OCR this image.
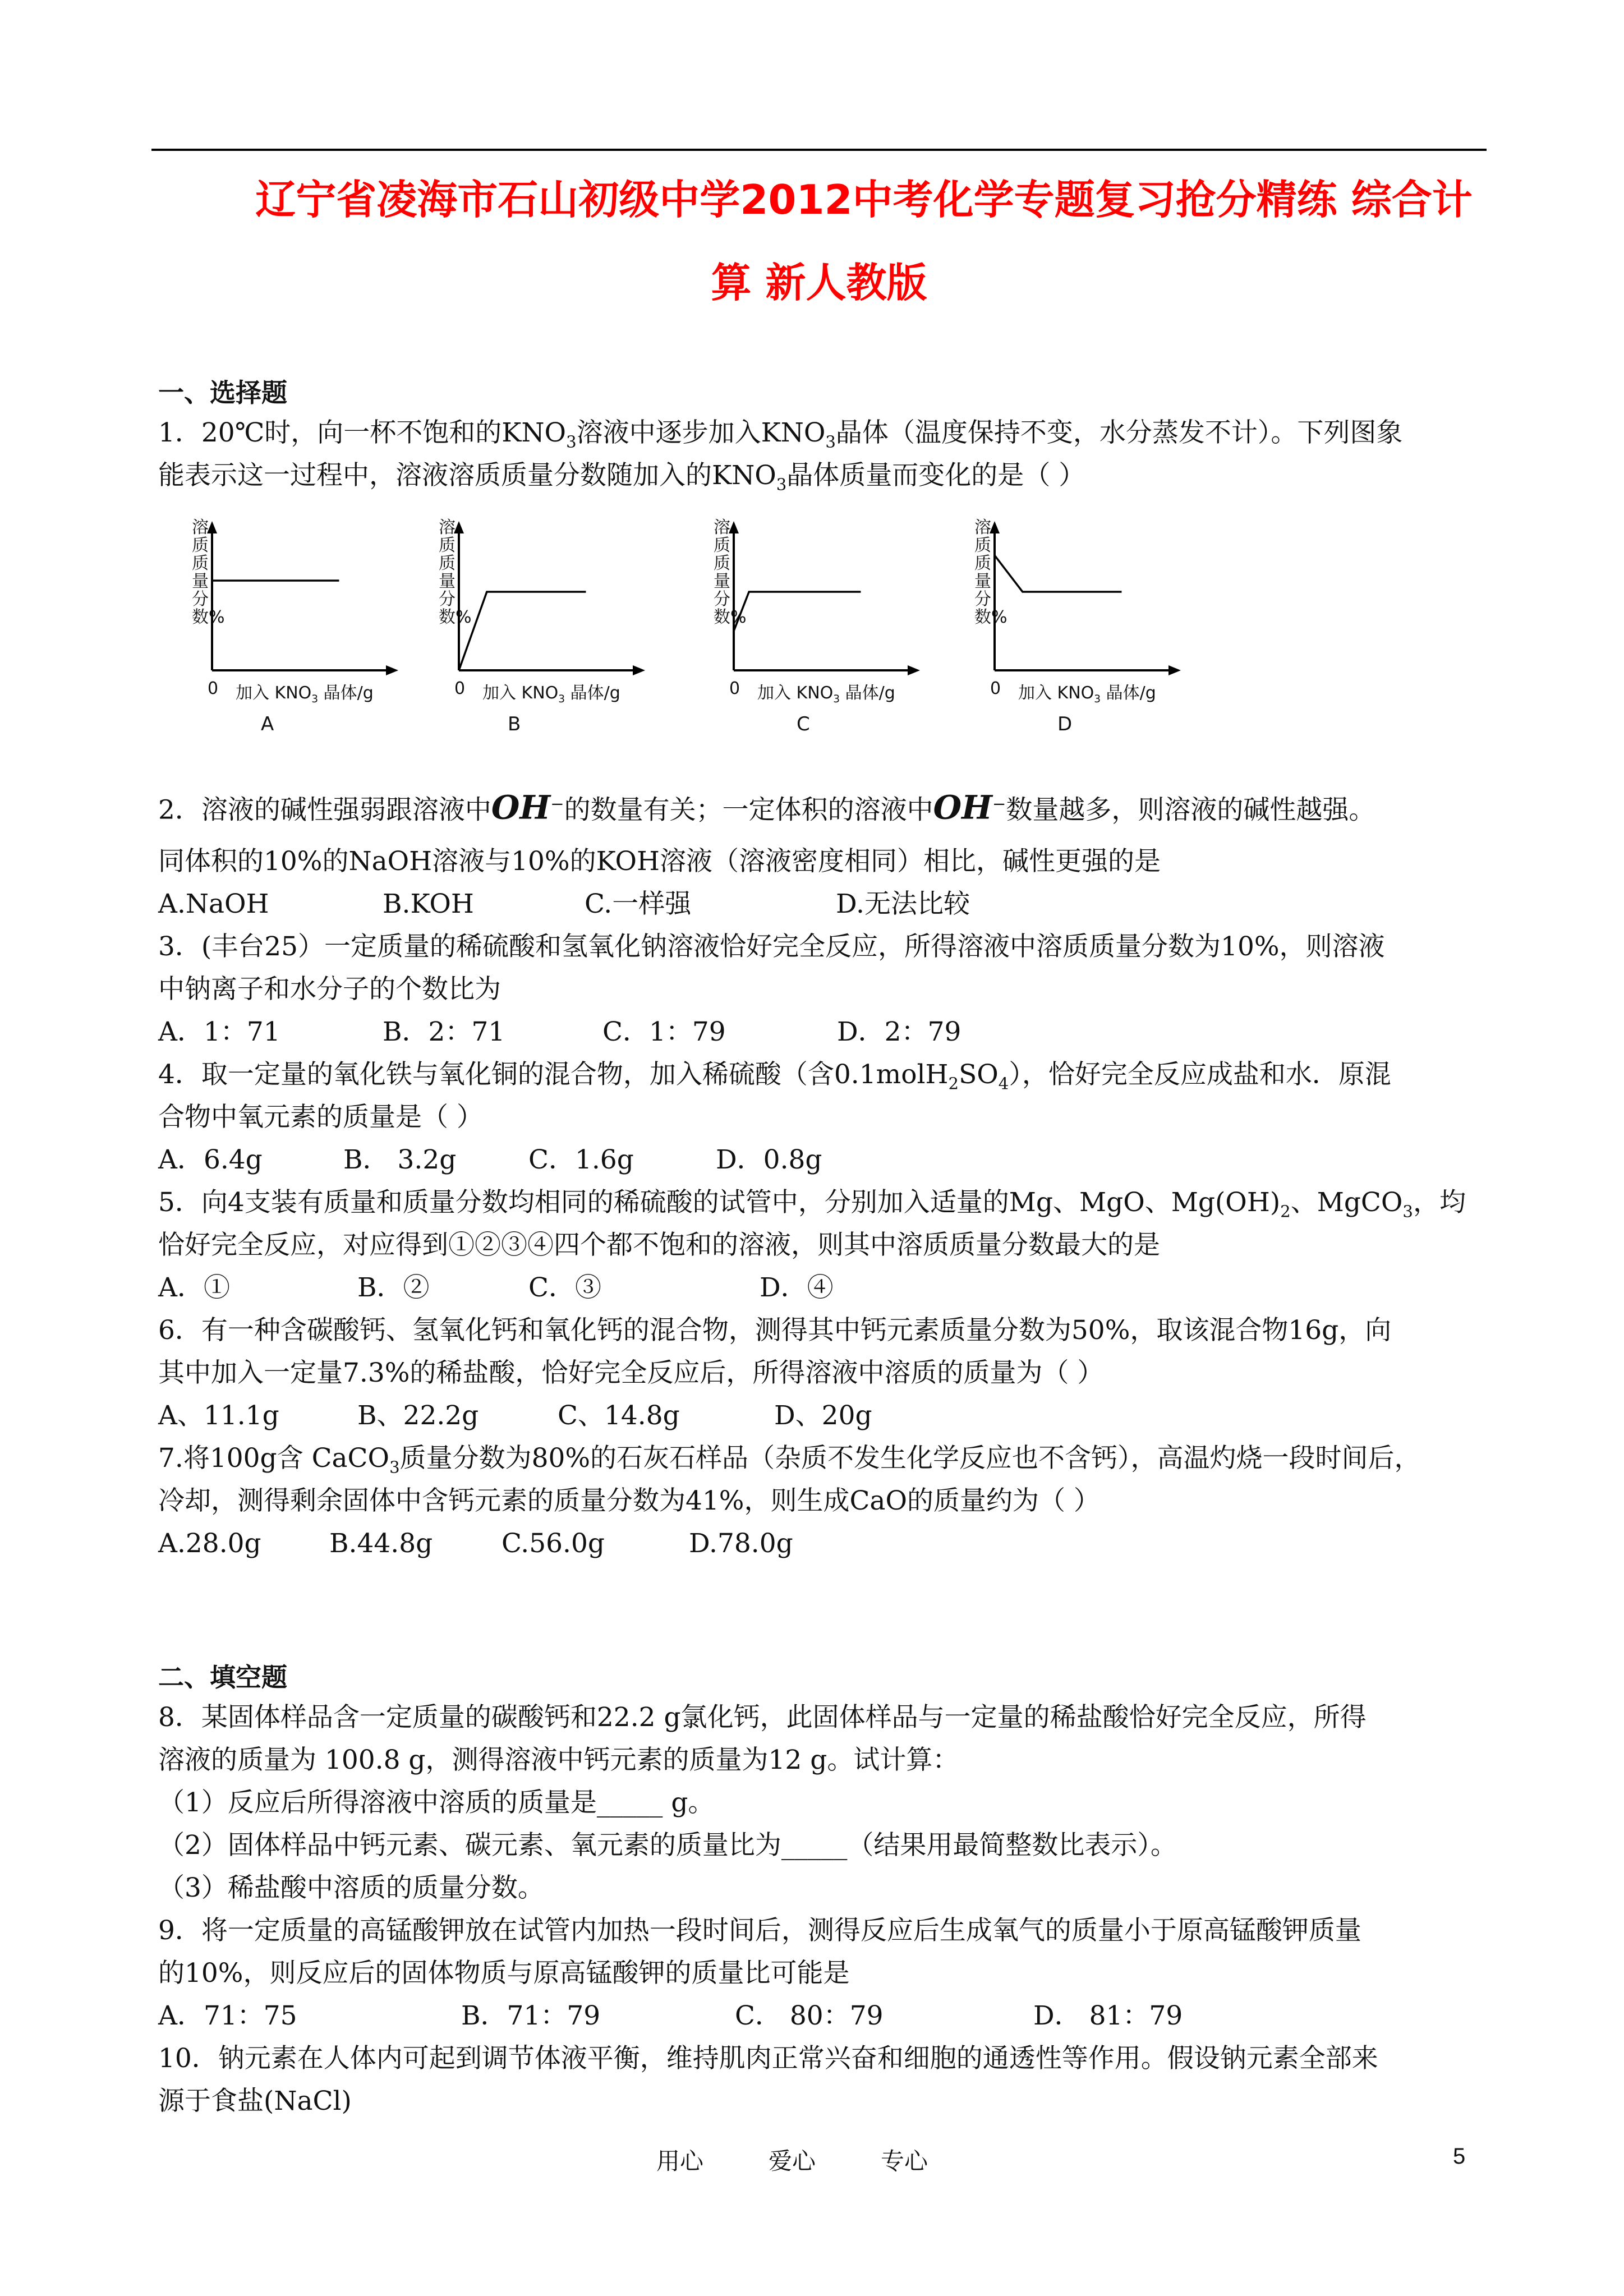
辽宁省凌海市石山初级中学2012中考化学专题复习抢分精练 综合计
算 新人教版
一、选择题
1．20℃时，向一杯不饱和的$KNO_3$溶液中逐步加入$KNO_3$晶体（温度保持不变，水分蒸发不计）。下列图象
能表示这一过程中，溶液溶质质量分数随加入的$KNO_3$晶体质量而变化的是（ ）
溶质质量分数%
0 加入 $KNO_3$ 晶体/g
A
溶质质量分数%
0 加入 $KNO_3$ 晶体/g
B
溶质质量分数%
0 加入 $KNO_3$ 晶体/g
C
溶质质量分数%
0 加入 $KNO_3$ 晶体/g
D
2．溶液的碱性强弱跟溶液中OH−的数量有关；一定体积的溶液中OH−数量越多，则溶液的碱性越强。
同体积的10%的NaOH溶液与10%的KOH溶液（溶液密度相同）相比，碱性更强的是
A.NaOH	B.KOH	C.一样强	D.无法比较
3．(丰台25）一定质量的稀硫酸和氢氧化钠溶液恰好完全反应，所得溶液中溶质质量分数为10%，则溶液
中钠离子和水分子的个数比为
A．1：71	B．2：71	C．1：79	D．2：79
4．取一定量的氧化铁与氧化铜的混合物，加入稀硫酸（含$0.1molH_2SO_4$），恰好完全反应成盐和水．原混
合物中氧元素的质量是（ ）
A．6.4g	B． 3.2g	C．1.6g	D．0.8g
5．向4支装有质量和质量分数均相同的稀硫酸的试管中，分别加入适量的Mg、MgO、$Mg(OH)_2$、MgCO$_3$，均
恰好完全反应，对应得到①②③④四个都不饱和的溶液，则其中溶质质量分数最大的是
A．①	B．②	C．③	D．④
6．有一种含碳酸钙、氢氧化钙和氧化钙的混合物，测得其中钙元素质量分数为50%，取该混合物16g，向
其中加入一定量7.3%的稀盐酸，恰好完全反应后，所得溶液中溶质的质量为（ ）
A、11.1g	B、22.2g	C、14.8g	D、20g
7.将100g含 CaCO$_3$质量分数为80%的石灰石样品（杂质不发生化学反应也不含钙），高温灼烧一段时间后，
冷却，测得剩余固体中含钙元素的质量分数为41%，则生成CaO的质量约为（ ）
A.28.0g	B.44.8g	C.56.0g	D.78.0g
二、填空题
8．某固体样品含一定质量的碳酸钙和22.2 g氯化钙，此固体样品与一定量的稀盐酸恰好完全反应，所得
溶液的质量为 100.8 g，测得溶液中钙元素的质量为12 g。试计算：
（1）反应后所得溶液中溶质的质量是_____ g。
（2）固体样品中钙元素、碳元素、氧元素的质量比为_____（结果用最简整数比表示）。
（3）稀盐酸中溶质的质量分数。
9．将一定质量的高锰酸钾放在试管内加热一段时间后，测得反应后生成氧气的质量小于原高锰酸钾质量
的10%，则反应后的固体物质与原高锰酸钾的质量比可能是
A．71：75	B．71：79	C． 80：79	D． 81：79
10．钠元素在人体内可起到调节体液平衡，维持肌肉正常兴奋和细胞的通透性等作用。假设钠元素全部来
源于食盐(NaCl)
用心	爱心	专心	5
